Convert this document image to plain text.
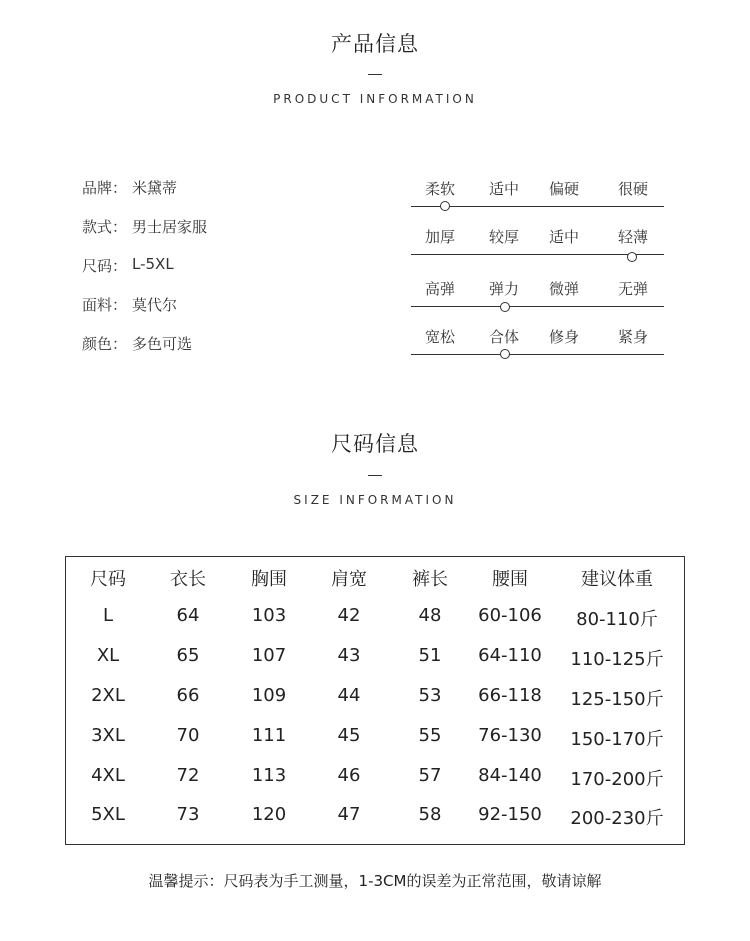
产品信息
PRODUCT INFORMATION
品牌： 米黛蒂
款式： 男士居家服
尺码： L-5XL
面料： 莫代尔
颜色： 多色可选
柔软 适中 偏硬	很硬
加厚 较厚 适中	轻薄
高弹 弹力 微弹	无弹
宽松 合体 修身	紧身
尺码信息
SIZE INFORMATION
尺码 衣长	胸围 肩宽	裤长 腰围	建议体重
L	64	103	42	48 60-106 80-110斤
XL	65	107	43	51 64-110 110-125斤
2XL	66	109	44	53 66-118 125-150斤
3XL	70	111	45	55 76-130 150-170斤
4XL	72	113	46	57 84-140 170-200斤
5XL	73	120	47	58 92-150 200-230斤
温馨提示：尺码表为手工测量，1-3CM的误差为正常范围，敬请谅解
